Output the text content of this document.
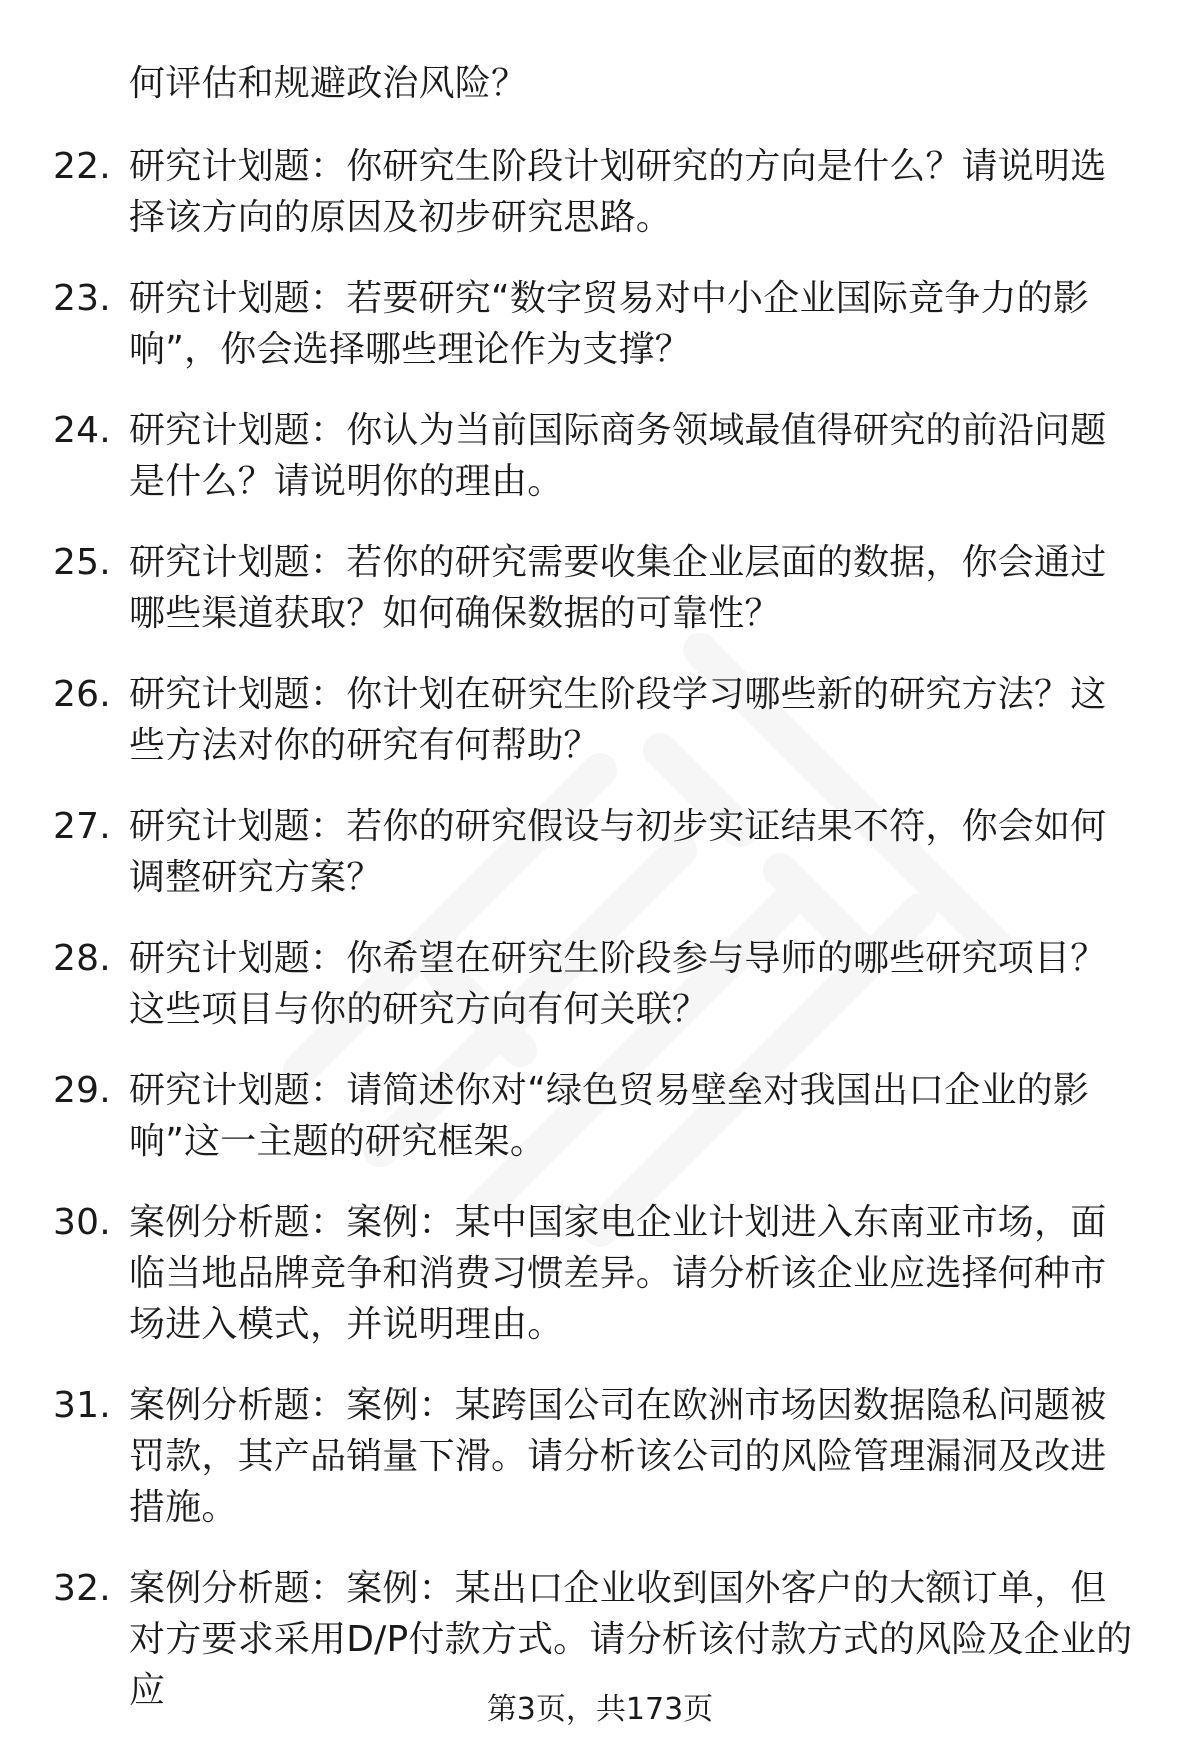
何评估和规避政治风险？
22. 研究计划题：你研究生阶段计划研究的方向是什么？请说明选择该方向的原因及初步研究思路。
23. 研究计划题：若要研究“数字贸易对中小企业国际竞争力的影响”，你会选择哪些理论作为支撑？
24. 研究计划题：你认为当前国际商务领域最值得研究的前沿问题是什么？请说明你的理由。
25. 研究计划题：若你的研究需要收集企业层面的数据，你会通过哪些渠道获取？如何确保数据的可靠性？
26. 研究计划题：你计划在研究生阶段学习哪些新的研究方法？这些方法对你的研究有何帮助？
27. 研究计划题：若你的研究假设与初步实证结果不符，你会如何调整研究方案？
28. 研究计划题：你希望在研究生阶段参与导师的哪些研究项目？这些项目与你的研究方向有何关联？
29. 研究计划题：请简述你对“绿色贸易壁垒对我国出口企业的影响”这一主题的研究框架。
30. 案例分析题：案例：某中国家电企业计划进入东南亚市场，面临当地品牌竞争和消费习惯差异。请分析该企业应选择何种市场进入模式，并说明理由。
31. 案例分析题：案例：某跨国公司在欧洲市场因数据隐私问题被罚款，其产品销量下滑。请分析该公司的风险管理漏洞及改进措施。
32. 案例分析题：案例：某出口企业收到国外客户的大额订单，但对方要求采用D/P付款方式。请分析该付款方式的风险及企业的应	第3页，共173页
